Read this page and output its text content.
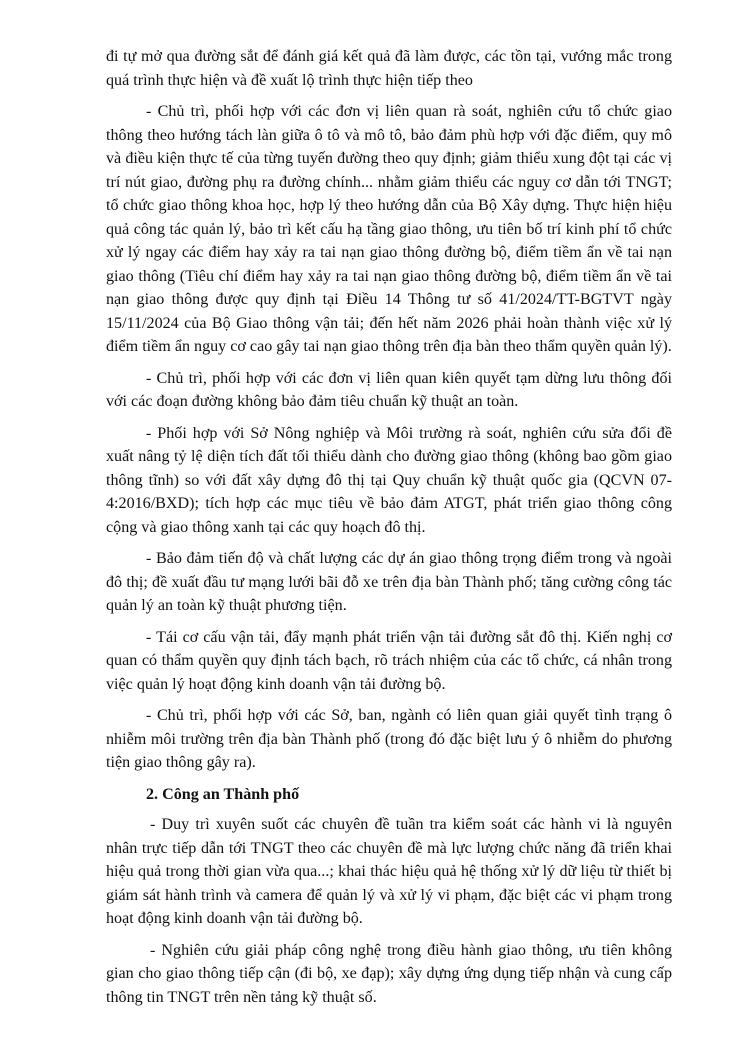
đi tự mở qua đường sắt để đánh giá kết quả đã làm được, các tồn tại, vướng mắc trong quá trình thực hiện và đề xuất lộ trình thực hiện tiếp theo

- Chủ trì, phối hợp với các đơn vị liên quan rà soát, nghiên cứu tổ chức giao thông theo hướng tách làn giữa ô tô và mô tô, bảo đảm phù hợp với đặc điểm, quy mô và điều kiện thực tế của từng tuyến đường theo quy định; giảm thiểu xung đột tại các vị trí nút giao, đường phụ ra đường chính... nhằm giảm thiểu các nguy cơ dẫn tới TNGT; tổ chức giao thông khoa học, hợp lý theo hướng dẫn của Bộ Xây dựng. Thực hiện hiệu quả công tác quản lý, bảo trì kết cấu hạ tầng giao thông, ưu tiên bố trí kinh phí tổ chức xử lý ngay các điểm hay xảy ra tai nạn giao thông đường bộ, điểm tiềm ẩn về tai nạn giao thông (Tiêu chí điểm hay xảy ra tai nạn giao thông đường bộ, điểm tiềm ẩn về tai nạn giao thông được quy định tại Điều 14 Thông tư số 41/2024/TT-BGTVT ngày 15/11/2024 của Bộ Giao thông vận tải; đến hết năm 2026 phải hoàn thành việc xử lý điểm tiềm ẩn nguy cơ cao gây tai nạn giao thông trên địa bàn theo thẩm quyền quản lý).

- Chủ trì, phối hợp với các đơn vị liên quan kiên quyết tạm dừng lưu thông đối với các đoạn đường không bảo đảm tiêu chuẩn kỹ thuật an toàn.

- Phối hợp với Sở Nông nghiệp và Môi trường rà soát, nghiên cứu sửa đổi đề xuất nâng tỷ lệ diện tích đất tối thiểu dành cho đường giao thông (không bao gồm giao thông tĩnh) so với đất xây dựng đô thị tại Quy chuẩn kỹ thuật quốc gia (QCVN 07-4:2016/BXD); tích hợp các mục tiêu về bảo đảm ATGT, phát triển giao thông công cộng và giao thông xanh tại các quy hoạch đô thị.

- Bảo đảm tiến độ và chất lượng các dự án giao thông trọng điểm trong và ngoài đô thị; đề xuất đầu tư mạng lưới bãi đỗ xe trên địa bàn Thành phố; tăng cường công tác quản lý an toàn kỹ thuật phương tiện.

- Tái cơ cấu vận tải, đẩy mạnh phát triển vận tải đường sắt đô thị. Kiến nghị cơ quan có thẩm quyền quy định tách bạch, rõ trách nhiệm của các tổ chức, cá nhân trong việc quản lý hoạt động kinh doanh vận tải đường bộ.

- Chủ trì, phối hợp với các Sở, ban, ngành có liên quan giải quyết tình trạng ô nhiễm môi trường trên địa bàn Thành phố (trong đó đặc biệt lưu ý ô nhiễm do phương tiện giao thông gây ra).

2. Công an Thành phố

- Duy trì xuyên suốt các chuyên đề tuần tra kiểm soát các hành vi là nguyên nhân trực tiếp dẫn tới TNGT theo các chuyên đề mà lực lượng chức năng đã triển khai hiệu quả trong thời gian vừa qua...; khai thác hiệu quả hệ thống xử lý dữ liệu từ thiết bị giám sát hành trình và camera để quản lý và xử lý vi phạm, đặc biệt các vi phạm trong hoạt động kinh doanh vận tải đường bộ.

- Nghiên cứu giải pháp công nghệ trong điều hành giao thông, ưu tiên không gian cho giao thông tiếp cận (đi bộ, xe đạp); xây dựng ứng dụng tiếp nhận và cung cấp thông tin TNGT trên nền tảng kỹ thuật số.
